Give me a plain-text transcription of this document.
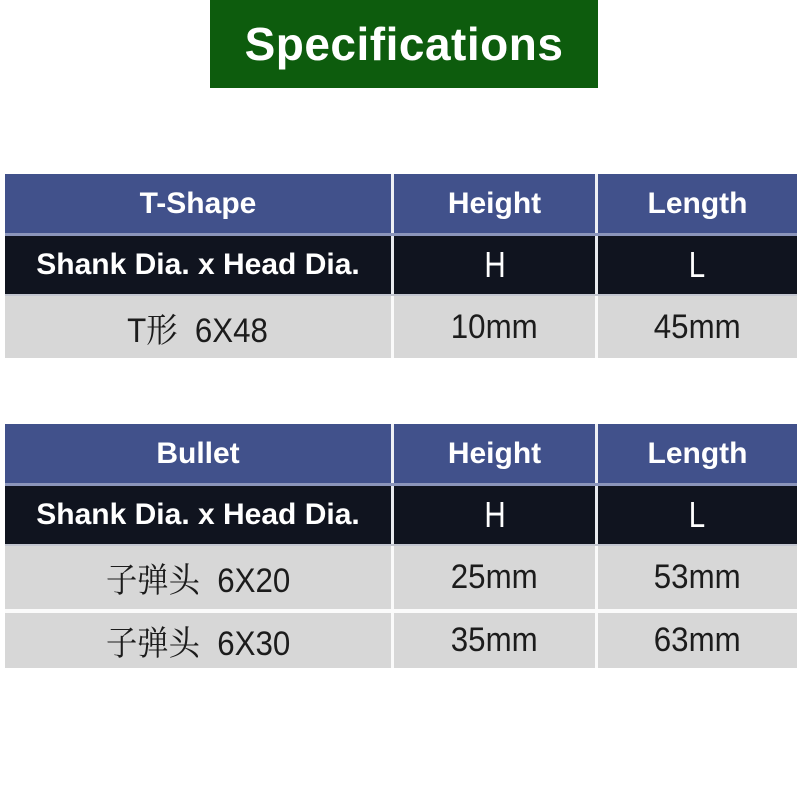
Specifications
T-Shape	Height	Length
Shank Dia. x Head Dia.	H	L
T形  6X48	10mm	45mm
Bullet	Height	Length
Shank Dia. x Head Dia.	H	L
子弹头  6X20	25mm	53mm
子弹头  6X30	35mm	63mm
